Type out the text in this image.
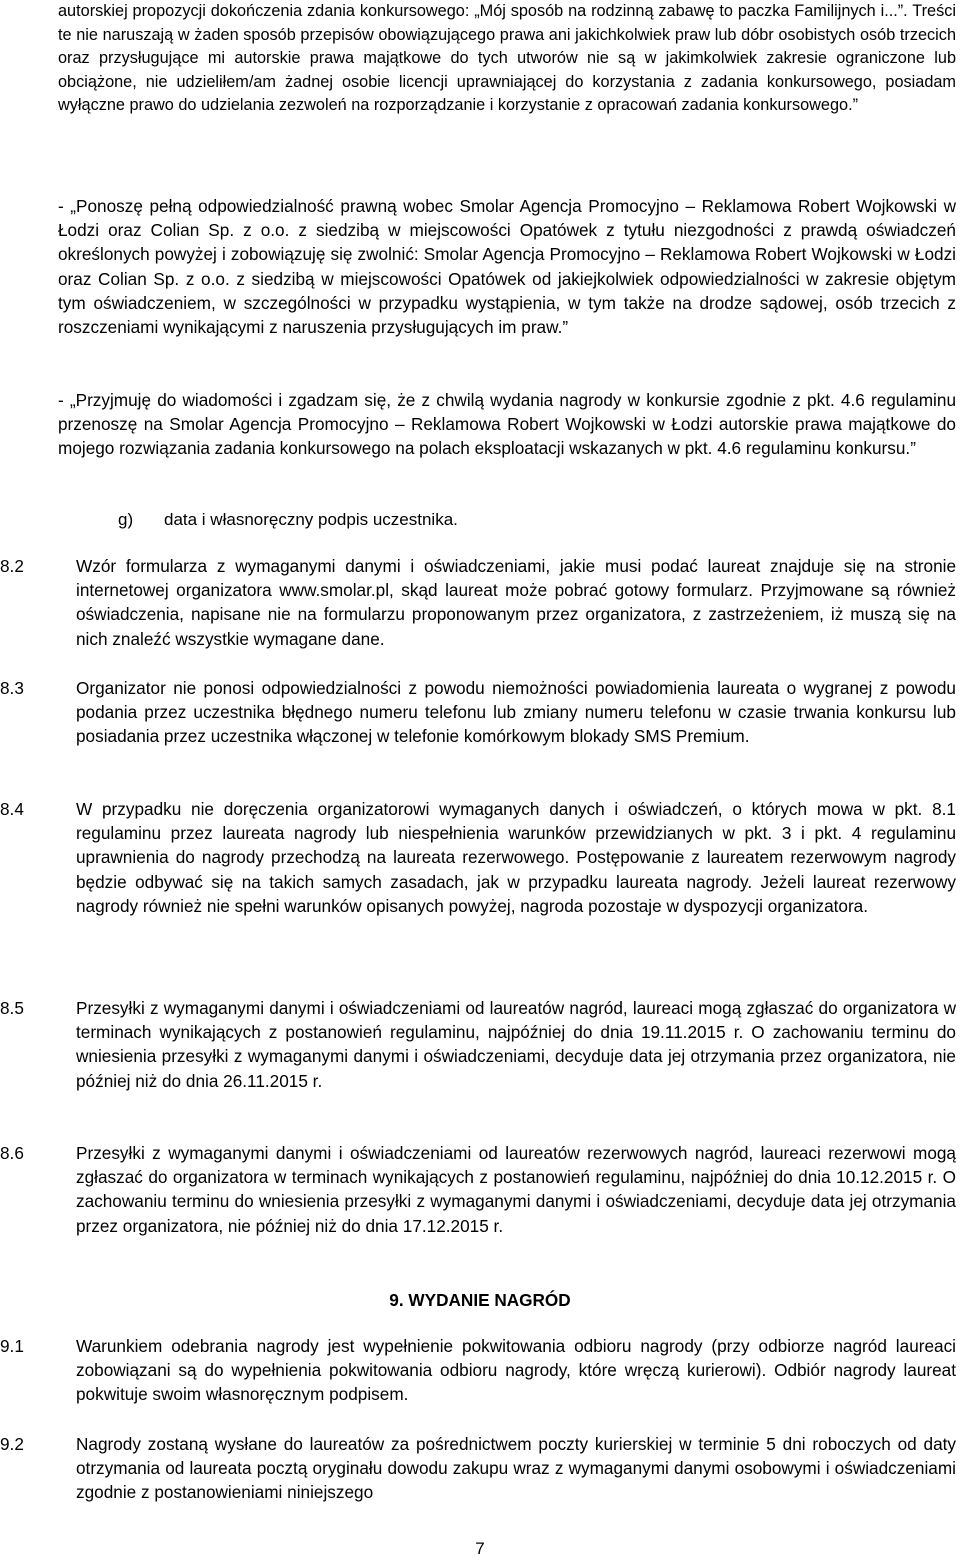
autorskiej propozycji dokończenia zdania konkursowego: „Mój sposób na rodzinną zabawę to paczka Familijnych i...”. Treści te nie naruszają w żaden sposób przepisów obowiązującego prawa ani jakichkolwiek praw lub dóbr osobistych osób trzecich oraz przysługujące mi autorskie prawa majątkowe do tych utworów nie są w jakimkolwiek zakresie ograniczone lub obciążone, nie udzieliłem/am żadnej osobie licencji uprawniającej do korzystania z zadania konkursowego, posiadam wyłączne prawo do udzielania zezwoleń na rozporządzanie i korzystanie z opracowań zadania konkursowego.”
- „Ponoszę pełną odpowiedzialność prawną wobec Smolar Agencja Promocyjno – Reklamowa Robert Wojkowski w Łodzi oraz Colian Sp. z o.o. z siedzibą w miejscowości Opatówek z tytułu niezgodności z prawdą oświadczeń określonych powyżej i zobowiązuję się zwolnić: Smolar Agencja Promocyjno – Reklamowa Robert Wojkowski w Łodzi oraz Colian Sp. z o.o. z siedzibą w miejscowości Opatówek od jakiejkolwiek odpowiedzialności w zakresie objętym tym oświadczeniem, w szczególności w przypadku wystąpienia, w tym także na drodze sądowej, osób trzecich z roszczeniami wynikającymi z naruszenia przysługujących im praw.”
- „Przyjmuję do wiadomości i zgadzam się, że z chwilą wydania nagrody w konkursie zgodnie z pkt. 4.6 regulaminu przenoszę na Smolar Agencja Promocyjno – Reklamowa Robert Wojkowski w Łodzi autorskie prawa majątkowe do mojego rozwiązania zadania konkursowego na polach eksploatacji wskazanych w pkt. 4.6 regulaminu konkursu.”
g) data i własnoręczny podpis uczestnika.
8.2	Wzór formularza z wymaganymi danymi i oświadczeniami, jakie musi podać laureat znajduje się na stronie internetowej organizatora www.smolar.pl, skąd laureat może pobrać gotowy formularz. Przyjmowane są również oświadczenia, napisane nie na formularzu proponowanym przez organizatora, z zastrzeżeniem, iż muszą się na nich znaleźć wszystkie wymagane dane.
8.3	Organizator nie ponosi odpowiedzialności z powodu niemożności powiadomienia laureata o wygranej z powodu podania przez uczestnika błędnego numeru telefonu lub zmiany numeru telefonu w czasie trwania konkursu lub posiadania przez uczestnika włączonej w telefonie komórkowym blokady SMS Premium.
8.4	W przypadku nie doręczenia organizatorowi wymaganych danych i oświadczeń, o których mowa w pkt. 8.1 regulaminu przez laureata nagrody lub niespełnienia warunków przewidzianych w pkt. 3 i pkt. 4 regulaminu uprawnienia do nagrody przechodzą na laureata rezerwowego. Postępowanie z laureatem rezerwowym nagrody będzie odbywać się na takich samych zasadach, jak w przypadku laureata nagrody. Jeżeli laureat rezerwowy nagrody również nie spełni warunków opisanych powyżej, nagroda pozostaje w dyspozycji organizatora.
8.5	Przesyłki z wymaganymi danymi i oświadczeniami od laureatów nagród, laureaci mogą zgłaszać do organizatora w terminach wynikających z postanowień regulaminu, najpóźniej do dnia 19.11.2015 r. O zachowaniu terminu do wniesienia przesyłki z wymaganymi danymi i oświadczeniami, decyduje data jej otrzymania przez organizatora, nie później niż do dnia 26.11.2015 r.
8.6	Przesyłki z wymaganymi danymi i oświadczeniami od laureatów rezerwowych nagród, laureaci rezerwowi mogą zgłaszać do organizatora w terminach wynikających z postanowień regulaminu, najpóźniej do dnia 10.12.2015 r. O zachowaniu terminu do wniesienia przesyłki z wymaganymi danymi i oświadczeniami, decyduje data jej otrzymania przez organizatora, nie później niż do dnia 17.12.2015 r.
9. WYDANIE NAGRÓD
9.1	Warunkiem odebrania nagrody jest wypełnienie pokwitowania odbioru nagrody (przy odbiorze nagród laureaci zobowiązani są do wypełnienia pokwitowania odbioru nagrody, które wręczą kurierowi). Odbiór nagrody laureat pokwituje swoim własnoręcznym podpisem.
9.2	Nagrody zostaną wysłane do laureatów za pośrednictwem poczty kurierskiej w terminie 5 dni roboczych od daty otrzymania od laureata pocztą oryginału dowodu zakupu wraz z wymaganymi danymi osobowymi i oświadczeniami zgodnie z postanowieniami niniejszego
7
